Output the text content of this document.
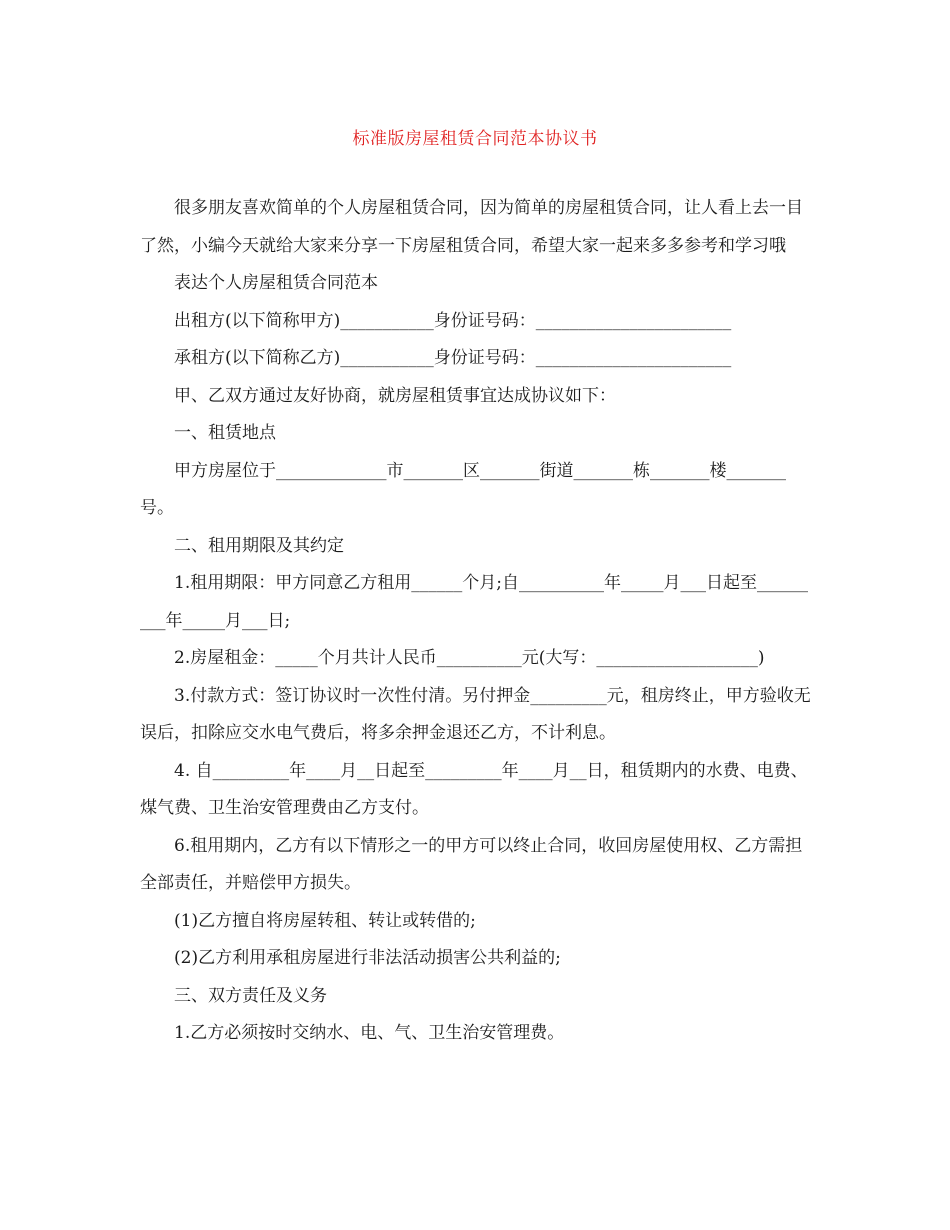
标准版房屋租赁合同范本协议书

很多朋友喜欢简单的个人房屋租赁合同，因为简单的房屋租赁合同，让人看上去一目了然，小编今天就给大家来分享一下房屋租赁合同，希望大家一起来多多参考和学习哦

表达个人房屋租赁合同范本

出租方(以下简称甲方)___________身份证号码：_______________________

承租方(以下简称乙方)___________身份证号码：_______________________

甲、乙双方通过友好协商，就房屋租赁事宜达成协议如下：

一、租赁地点

甲方房屋位于_____________市_______区_______街道_______栋_______楼_______号。

二、租用期限及其约定

1.租用期限：甲方同意乙方租用______个月;自__________年_____月___日起至_________年_____月___日;

2.房屋租金：_____个月共计人民币__________元(大写：___________________)

3.付款方式：签订协议时一次性付清。另付押金_________元，租房终止，甲方验收无误后，扣除应交水电气费后，将多余押金退还乙方，不计利息。

4. 自_________年____月__日起至_________年____月__日，租赁期内的水费、电费、煤气费、卫生治安管理费由乙方支付。

6.租用期内，乙方有以下情形之一的甲方可以终止合同，收回房屋使用权、乙方需担全部责任，并赔偿甲方损失。

(1)乙方擅自将房屋转租、转让或转借的;

(2)乙方利用承租房屋进行非法活动损害公共利益的;

三、双方责任及义务

1.乙方必须按时交纳水、电、气、卫生治安管理费。
